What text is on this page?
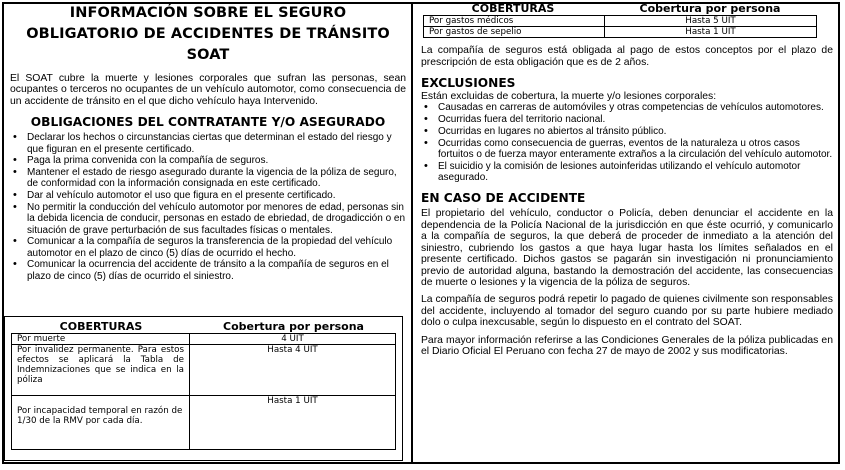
INFORMACIÓN SOBRE EL SEGURO
OBLIGATORIO DE ACCIDENTES DE TRÁNSITO
SOAT

El SOAT cubre la muerte y lesiones corporales que sufran las personas, sean ocupantes o terceros no ocupantes de un vehículo automotor, como consecuencia de un accidente de tránsito en el que dicho vehículo haya Intervenido.

OBLIGACIONES DEL CONTRATANTE Y/O ASEGURADO
• Declarar los hechos o circunstancias ciertas que determinan el estado del riesgo y que figuran en el presente certificado.
• Paga la prima convenida con la compañía de seguros.
• Mantener el estado de riesgo asegurado durante la vigencia de la póliza de seguro, de conformidad con la información consignada en este certificado.
• Dar al vehículo automotor el uso que figura en el presente certificado.
• No permitir la conducción del vehículo automotor por menores de edad, personas sin la debida licencia de conducir, personas en estado de ebriedad, de drogadicción o en situación de grave perturbación de sus facultades físicas o mentales.
• Comunicar a la compañía de seguros la transferencia de la propiedad del vehículo automotor en el plazo de cinco (5) días de ocurrido el hecho.
• Comunicar la ocurrencia del accidente de tránsito a la compañía de seguros en el plazo de cinco (5) días de ocurrido el siniestro.
COBERTURAS	Cobertura por persona
Por muerte	4 UIT
Por invalidez permanente. Para estos efectos se aplicará la Tabla de Indemnizaciones que se indica en la póliza	Hasta 4 UIT
Por incapacidad temporal en razón de 1/30 de la RMV por cada día.	Hasta 1 UIT
COBERTURAS	Cobertura por persona
Por gastos médicos	Hasta 5 UIT
Por gastos de sepelio	Hasta 1 UIT

La compañía de seguros está obligada al pago de estos conceptos por el plazo de prescripción de esta obligación que es de 2 años.

EXCLUSIONES

Están excluidas de cobertura, la muerte y/o lesiones corporales:

• Causadas en carreras de automóviles y otras competencias de vehículos automotores.
• Ocurridas fuera del territorio nacional.
• Ocurridas en lugares no abiertos al tránsito público.
• Ocurridas como consecuencia de guerras, eventos de la naturaleza u otros casos fortuitos o de fuerza mayor enteramente extraños a la circulación del vehículo automotor.
• El suicidio y la comisión de lesiones autoinferidas utilizando el vehículo automotor asegurado.
EN CASO DE ACCIDENTE

El propietario del vehículo, conductor o Policía, deben denunciar el accidente en la dependencia de la Policía Nacional de la jurisdicción en que éste ocurrió, y comunicarlo a la compañía de seguros, la que deberá de proceder de inmediato a la atención del siniestro, cubriendo los gastos a que haya lugar hasta los límites señalados en el presente certificado. Dichos gastos se pagarán sin investigación ni pronunciamiento previo de autoridad alguna, bastando la demostración del accidente, las consecuencias de muerte o lesiones y la vigencia de la póliza de seguros.

La compañía de seguros podrá repetir lo pagado de quienes civilmente son responsables del accidente, incluyendo al tomador del seguro cuando por su parte hubiere mediado dolo o culpa inexcusable, según lo dispuesto en el contrato del SOAT.

Para mayor información referirse a las Condiciones Generales de la póliza publicadas en el Diario Oficial El Peruano con fecha 27 de mayo de 2002 y sus modificatorias.
